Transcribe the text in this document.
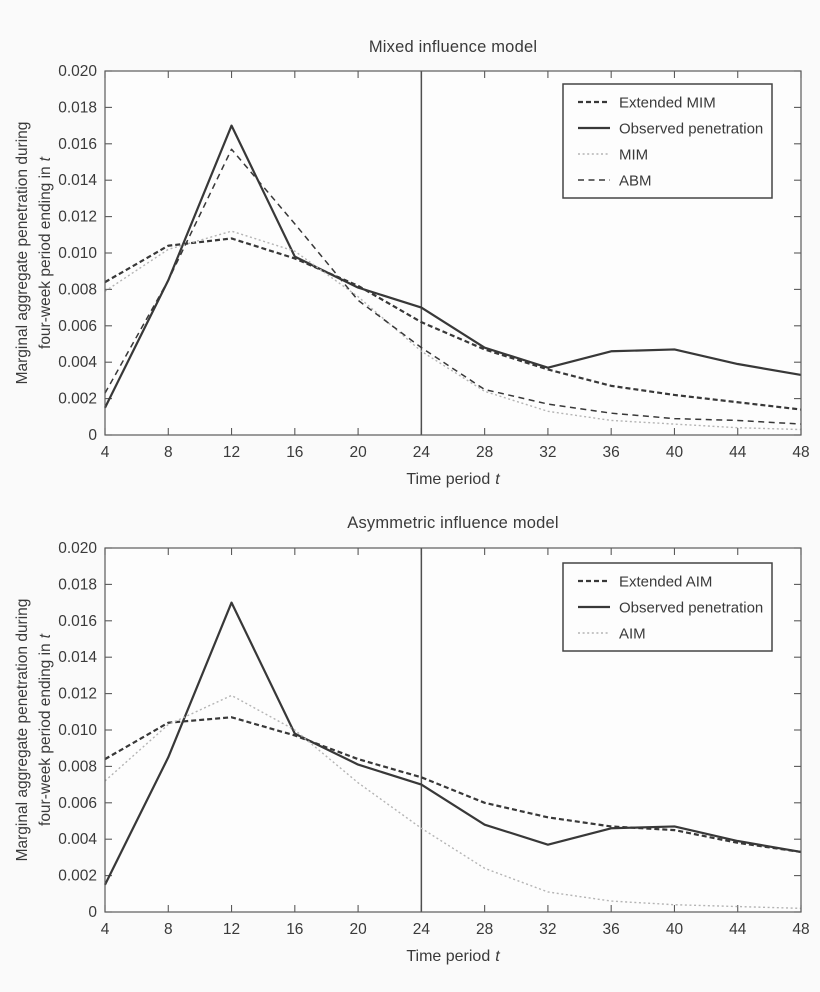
Mixed influence model
Marginal aggregate penetration during four-week period ending int
4	8	12	16	20	24	28	32	36	40	44	48
0
0.002
0.004
0.006
0.008
0.010
0.012
0.014
0.016
0.018
0.020
Extended MIM
Observed penetration
MIM
ABM
Time period t
Asymmetric influence model
Marginal aggregate penetration during four-week period ending int
4	8	12	16	20	24	28	32	36	40	44	48
0
0.002
0.004
0.006
0.008
0.010
0.012
0.014
0.016
0.018
0.020
Extended AIM
Observed penetration
AIM
Time period t
